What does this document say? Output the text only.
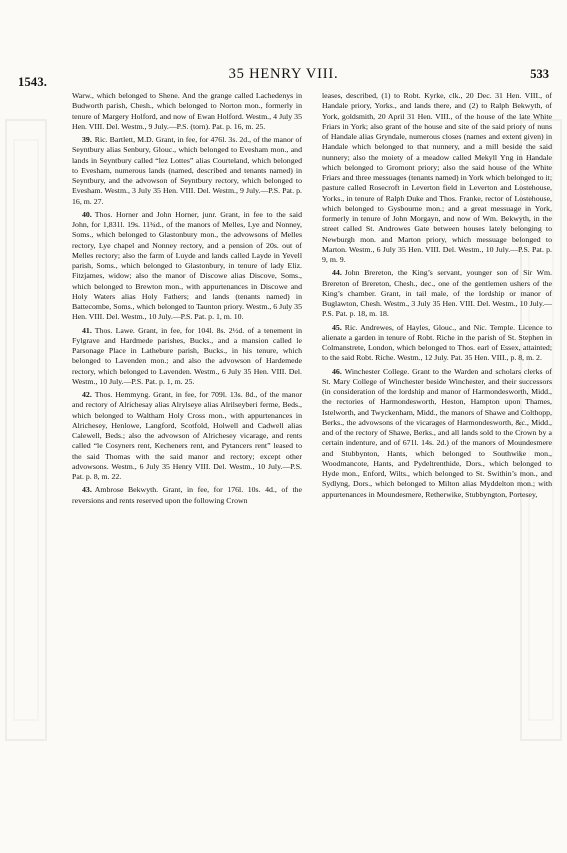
1543.	35 HENRY VIII.	533

Warw., which belonged to Shene. And the grange called Lachedenys in Budworth parish, Chesh., which belonged to Norton mon., formerly in tenure of Margery Holford, and now of Ewan Holford. Westm., 4 July 35 Hen. VIII. Del. Westm., 9 July.—P.S. (torn). Pat. p. 16, m. 25.

39. Ric. Bartlett, M.D. Grant, in fee, for 476l. 3s. 2d., of the manor of Seyntbury alias Senbury, Glouc., which belonged to Evesham mon., and lands in Seyntbury called “lez Lottes” alias Courteland, which belonged to Evesham, numerous lands (named, described and tenants named) in Seyntbury, and the advowson of Seyntbury rectory, which belonged to Evesham. Westm., 3 July 35 Hen. VIII. Del. Westm., 9 July.—P.S. Pat. p. 16, m. 27.

40. Thos. Horner and John Horner, junr. Grant, in fee to the said John, for 1,831l. 19s. 11¾d., of the manors of Melles, Lye and Nonney, Soms., which belonged to Glastonbury mon., the advowsons of Melles rectory, Lye chapel and Nonney rectory, and a pension of 20s. out of Melles rectory; also the farm of Luyde and lands called Layde in Yevell parish, Soms., which belonged to Glastonbury, in tenure of lady Eliz. Fitzjames, widow; also the manor of Discowe alias Discove, Soms., which belonged to Brewton mon., with appurtenances in Discowe and Holy Waters alias Holy Fathers; and lands (tenants named) in Battecombe, Soms., which belonged to Taunton priory. Westm., 6 July 35 Hen. VIII. Del. Westm., 10 July.—P.S. Pat. p. 1, m. 10.

41. Thos. Lawe. Grant, in fee, for 104l. 8s. 2½d. of a tenement in Fylgrave and Hardmede parishes, Bucks., and a mansion called le Parsonage Place in Lathebure parish, Bucks., in his tenure, which belonged to Lavenden mon.; and also the advowson of Hardemede rectory, which belonged to Lavenden. Westm., 6 July 35 Hen. VIII. Del. Westm., 10 July.—P.S. Pat. p. 1, m. 25.

42. Thos. Hemmyng. Grant, in fee, for 709l. 13s. 8d., of the manor and rectory of Alrichesay alias Alrylseye alias Alrilseyberi ferme, Beds., which belonged to Waltham Holy Cross mon., with appurtenances in Alrichesey, Henlowe, Langford, Scotfold, Holwell and Cadwell alias Calewell, Beds.; also the advowson of Alrichesey vicarage, and rents called “le Cosyners rent, Kecheners rent, and Pytancers rent” leased to the said Thomas with the said manor and rectory; except other advowsons. Westm., 6 July 35 Henry VIII. Del. Westm., 10 July.—P.S. Pat. p. 8, m. 22.

43. Ambrose Bekwyth. Grant, in fee, for 176l. 10s. 4d., of the reversions and rents reserved upon the following Crown

leases, described, (1) to Robt. Kyrke, clk., 20 Dec. 31 Hen. VIII., of Handale priory, Yorks., and lands there, and (2) to Ralph Bekwyth, of York, goldsmith, 20 April 31 Hen. VIII., of the house of the late White Friars in York; also grant of the house and site of the said priory of nuns of Handale alias Gryndale, numerous closes (names and extent given) in Handale which belonged to that nunnery, and a mill beside the said nunnery; also the moiety of a meadow called Mekyll Yng in Handale which belonged to Gromont priory; also the said house of the White Friars and three messuages (tenants named) in York which belonged to it; pasture called Rosecroft in Leverton field in Leverton and Lostehouse, Yorks., in tenure of Ralph Duke and Thos. Franke, rector of Lostehouse, which belonged to Gysbourne mon.; and a great messuage in York, formerly in tenure of John Morgayn, and now of Wm. Bekwyth, in the street called St. Androwes Gate between houses lately belonging to Newburgh mon. and Marton priory, which messuage belonged to Marton. Westm., 6 July 35 Hen. VIII. Del. Westm., 10 July.—P.S. Pat. p. 9, m. 9.

44. John Brereton, the King’s servant, younger son of Sir Wm. Brereton of Brereton, Chesh., dec., one of the gentlemen ushers of the King’s chamber. Grant, in tail male, of the lordship or manor of Buglawton, Chesh. Westm., 3 July 35 Hen. VIII. Del. Westm., 10 July.—P.S. Pat. p. 18, m. 18.

45. Ric. Andrewes, of Hayles, Glouc., and Nic. Temple. Licence to alienate a garden in tenure of Robt. Riche in the parish of St. Stephen in Colmanstrete, London, which belonged to Thos. earl of Essex, attainted; to the said Robt. Riche. Westm., 12 July. Pat. 35 Hen. VIII., p. 8, m. 2.

46. Winchester College. Grant to the Warden and scholars clerks of St. Mary College of Winchester beside Winchester, and their successors (in consideration of the lordship and manor of Harmondesworth, Midd., the rectories of Harmondesworth, Heston, Hampton upon Thames, Istelworth, and Twyckenham, Midd., the manors of Shawe and Colthopp, Berks., the advowsons of the vicarages of Harmondesworth, &c., Midd., and of the rectory of Shawe, Berks., and all lands sold to the Crown by a certain indenture, and of 671l. 14s. 2d.) of the manors of Moundesmere and Stubbynton, Hants, which belonged to Southwike mon., Woodmancote, Hants, and Pydeltrenthide, Dors., which belonged to Hyde mon., Enford, Wilts., which belonged to St. Swithin’s mon., and Sydlyng, Dors., which belonged to Milton alias Myddelton mon.; with appurtenances in Moundesmere, Retherwike, Stubbyngton, Portesey,
